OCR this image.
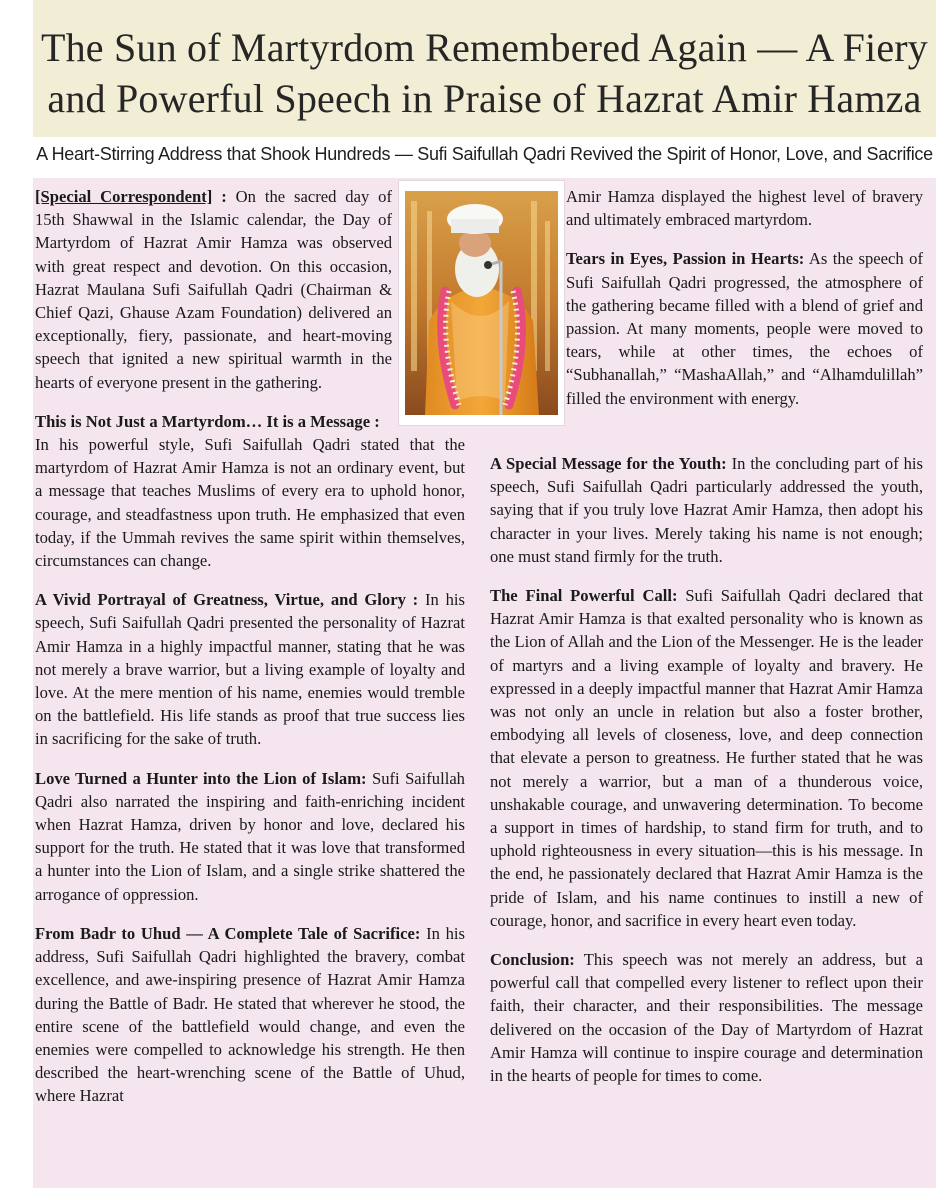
The Sun of Martyrdom Remembered Again — A Fiery
and Powerful Speech in Praise of Hazrat Amir Hamza
A Heart-Stirring Address that Shook Hundreds — Sufi Saifullah Qadri Revived the Spirit of Honor, Love, and Sacrifice

[Special Correspondent] : On the sacred day of 15th Shawwal in the Islamic calendar, the Day of Martyrdom of Hazrat Amir Hamza was observed with great respect and devotion. On this occasion, Hazrat Maulana Sufi Saifullah Qadri (Chairman & Chief Qazi, Ghause Azam Foundation) delivered an exceptionally, fiery, passionate, and heart-moving speech that ignited a new spiritual warmth in the hearts of everyone present in the gathering.

This is Not Just a Martyrdom… It is a Message :
In his powerful style, Sufi Saifullah Qadri stated that the martyrdom of Hazrat Amir Hamza is not an ordinary event, but a message that teaches Muslims of every era to uphold honor, courage, and steadfastness upon truth. He emphasized that even today, if the Ummah revives the same spirit within themselves, circumstances can change.

A Vivid Portrayal of Greatness, Virtue, and Glory : In his speech, Sufi Saifullah Qadri presented the personality of Hazrat Amir Hamza in a highly impactful manner, stating that he was not merely a brave warrior, but a living example of loyalty and love. At the mere mention of his name, enemies would tremble on the battlefield. His life stands as proof that true success lies in sacrificing for the sake of truth.

Love Turned a Hunter into the Lion of Islam: Sufi Saifullah Qadri also narrated the inspiring and faith-enriching incident when Hazrat Hamza, driven by honor and love, declared his support for the truth. He stated that it was love that transformed a hunter into the Lion of Islam, and a single strike shattered the arrogance of oppression.

From Badr to Uhud — A Complete Tale of Sacrifice: In his address, Sufi Saifullah Qadri highlighted the bravery, combat excellence, and awe-inspiring presence of Hazrat Amir Hamza during the Battle of Badr. He stated that wherever he stood, the entire scene of the battlefield would change, and even the enemies were compelled to acknowledge his strength. He then described the heart-wrenching scene of the Battle of Uhud, where Hazrat

Amir Hamza displayed the highest level of bravery and ultimately embraced martyrdom.

Tears in Eyes, Passion in Hearts: As the speech of Sufi Saifullah Qadri progressed, the atmosphere of the gathering became filled with a blend of grief and passion. At many moments, people were moved to tears, while at other times, the echoes of “Subhanallah,” “MashaAllah,” and “Alhamdulillah” filled the environment with energy.

A Special Message for the Youth: In the concluding part of his speech, Sufi Saifullah Qadri particularly addressed the youth, saying that if you truly love Hazrat Amir Hamza, then adopt his character in your lives. Merely taking his name is not enough; one must stand firmly for the truth.

The Final Powerful Call: Sufi Saifullah Qadri declared that Hazrat Amir Hamza is that exalted personality who is known as the Lion of Allah and the Lion of the Messenger. He is the leader of martyrs and a living example of loyalty and bravery. He expressed in a deeply impactful manner that Hazrat Amir Hamza was not only an uncle in relation but also a foster brother, embodying all levels of closeness, love, and deep connection that elevate a person to greatness. He further stated that he was not merely a warrior, but a man of a thunderous voice, unshakable courage, and unwavering determination. To become a support in times of hardship, to stand firm for truth, and to uphold righteousness in every situation—this is his message. In the end, he passionately declared that Hazrat Amir Hamza is the pride of Islam, and his name continues to instill a new of courage, honor, and sacrifice in every heart even today.

Conclusion: This speech was not merely an address, but a powerful call that compelled every listener to reflect upon their faith, their character, and their responsibilities. The message delivered on the occasion of the Day of Martyrdom of Hazrat Amir Hamza will continue to inspire courage and determination in the hearts of people for times to come.
